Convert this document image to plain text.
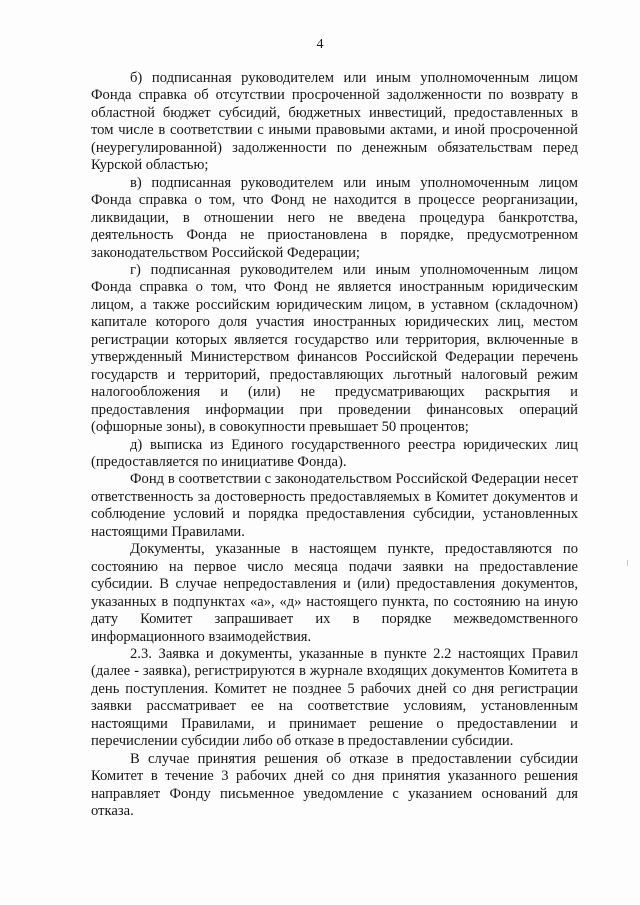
4

б) подписанная руководителем или иным уполномоченным лицом Фонда справка об отсутствии просроченной задолженности по возврату в областной бюджет субсидий, бюджетных инвестиций, предоставленных в том числе в соответствии с иными правовыми актами, и иной просроченной (неурегулированной) задолженности по денежным обязательствам перед Курской областью;

в) подписанная руководителем или иным уполномоченным лицом Фонда справка о том, что Фонд не находится в процессе реорганизации, ликвидации, в отношении него не введена процедура банкротства, деятельность Фонда не приостановлена в порядке, предусмотренном законодательством Российской Федерации;

г) подписанная руководителем или иным уполномоченным лицом Фонда справка о том, что Фонд не является иностранным юридическим лицом, а также российским юридическим лицом, в уставном (складочном) капитале которого доля участия иностранных юридических лиц, местом регистрации которых является государство или территория, включенные в утвержденный Министерством финансов Российской Федерации перечень государств и территорий, предоставляющих льготный налоговый режим налогообложения и (или) не предусматривающих раскрытия и предоставления информации при проведении финансовых операций (офшорные зоны), в совокупности превышает 50 процентов;

д) выписка из Единого государственного реестра юридических лиц (предоставляется по инициативе Фонда).

Фонд в соответствии с законодательством Российской Федерации несет ответственность за достоверность предоставляемых в Комитет документов и соблюдение условий и порядка предоставления субсидии, установленных настоящими Правилами.

Документы, указанные в настоящем пункте, предоставляются по состоянию на первое число месяца подачи заявки на предоставление субсидии. В случае непредоставления и (или) предоставления документов, указанных в подпунктах «а», «д» настоящего пункта, по состоянию на иную дату Комитет запрашивает их в порядке межведомственного информационного взаимодействия.

2.3. Заявка и документы, указанные в пункте 2.2 настоящих Правил (далее - заявка), регистрируются в журнале входящих документов Комитета в день поступления. Комитет не позднее 5 рабочих дней со дня регистрации заявки рассматривает ее на соответствие условиям, установленным настоящими Правилами, и принимает решение о предоставлении и перечислении субсидии либо об отказе в предоставлении субсидии.

В случае принятия решения об отказе в предоставлении субсидии Комитет в течение 3 рабочих дней со дня принятия указанного решения направляет Фонду письменное уведомление с указанием оснований для отказа.
